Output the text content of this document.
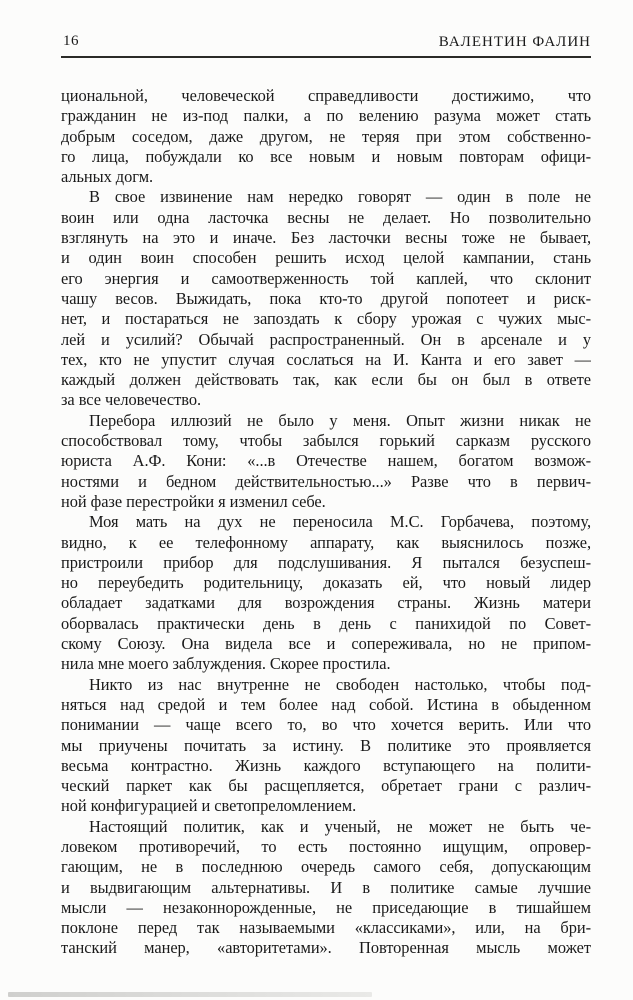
16	ВАЛЕНТИН ФАЛИН
циональной, человеческой справедливости достижимо, что
гражданин не из-под палки, а по велению разума может стать
добрым соседом, даже другом, не теряя при этом собственно-
го лица, побуждали ко все новым и новым повторам офици-
альных догм.
В свое извинение нам нередко говорят — один в поле не
воин или одна ласточка весны не делает. Но позволительно
взглянуть на это и иначе. Без ласточки весны тоже не бывает,
и один воин способен решить исход целой кампании, стань
его энергия и самоотверженность той каплей, что склонит
чашу весов. Выжидать, пока кто-то другой попотеет и риск-
нет, и постараться не запоздать к сбору урожая с чужих мыс-
лей и усилий? Обычай распространенный. Он в арсенале и у
тех, кто не упустит случая сослаться на И. Канта и его завет —
каждый должен действовать так, как если бы он был в ответе
за все человечество.
Перебора иллюзий не было у меня. Опыт жизни никак не
способствовал тому, чтобы забылся горький сарказм русского
юриста А.Ф. Кони: «...в Отечестве нашем, богатом возмож-
ностями и бедном действительностью...» Разве что в первич-
ной фазе перестройки я изменил себе.
Моя мать на дух не переносила М.С. Горбачева, поэтому,
видно, к ее телефонному аппарату, как выяснилось позже,
пристроили прибор для подслушивания. Я пытался безуспеш-
но переубедить родительницу, доказать ей, что новый лидер
обладает задатками для возрождения страны. Жизнь матери
оборвалась практически день в день с панихидой по Совет-
скому Союзу. Она видела все и сопереживала, но не припом-
нила мне моего заблуждения. Скорее простила.
Никто из нас внутренне не свободен настолько, чтобы под-
няться над средой и тем более над собой. Истина в обыденном
понимании — чаще всего то, во что хочется верить. Или что
мы приучены почитать за истину. В политике это проявляется
весьма контрастно. Жизнь каждого вступающего на полити-
ческий паркет как бы расщепляется, обретает грани с различ-
ной конфигурацией и светопреломлением.
Настоящий политик, как и ученый, не может не быть че-
ловеком противоречий, то есть постоянно ищущим, опровер-
гающим, не в последнюю очередь самого себя, допускающим
и выдвигающим альтернативы. И в политике самые лучшие
мысли — незаконнорожденные, не приседающие в тишайшем
поклоне перед так называемыми «классиками», или, на бри-
танский манер, «авторитетами». Повторенная мысль может
